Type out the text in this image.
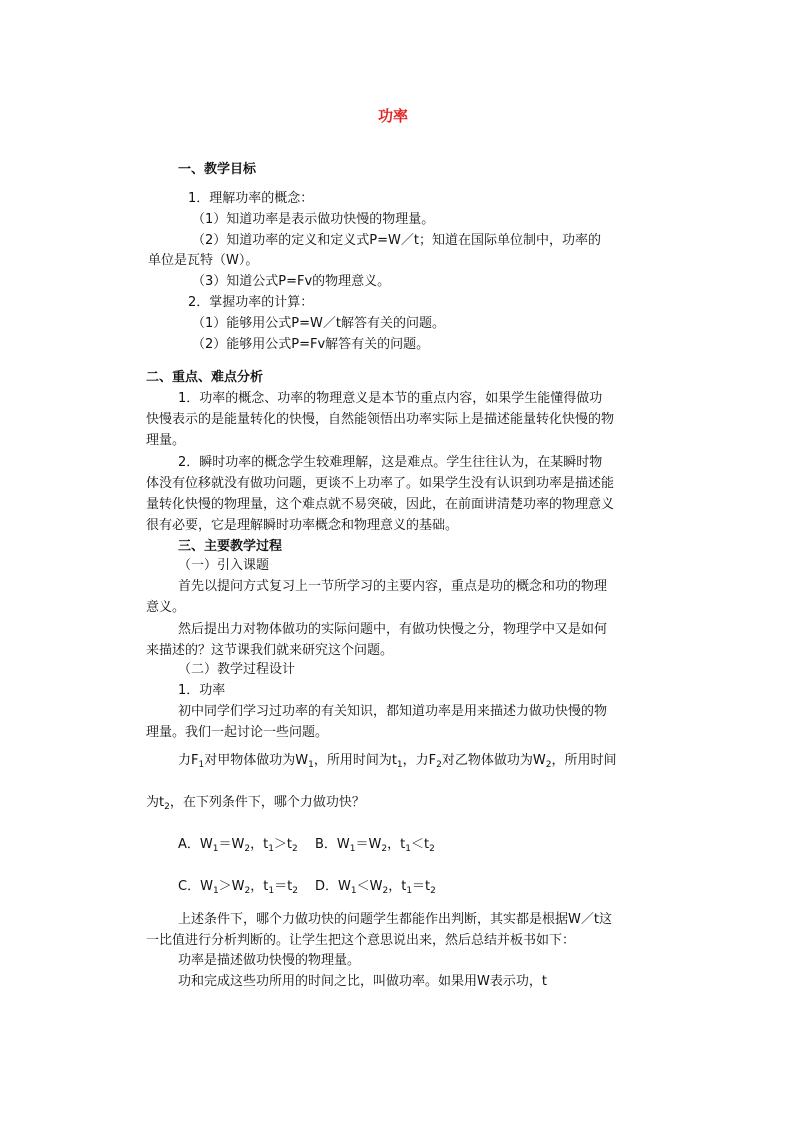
功率
一、教学目标
1．理解功率的概念：
（1）知道功率是表示做功快慢的物理量。
（2）知道功率的定义和定义式P=W／t；知道在国际单位制中，功率的
单位是瓦特（W）。
（3）知道公式P=Fv的物理意义。
2．掌握功率的计算：
（1）能够用公式P=W／t解答有关的问题。
（2）能够用公式P=Fv解答有关的问题。
二、重点、难点分析
1．功率的概念、功率的物理意义是本节的重点内容，如果学生能懂得做功
快慢表示的是能量转化的快慢，自然能领悟出功率实际上是描述能量转化快慢的物
理量。
2．瞬时功率的概念学生较难理解，这是难点。学生往往认为，在某瞬时物
体没有位移就没有做功问题，更谈不上功率了。如果学生没有认识到功率是描述能
量转化快慢的物理量，这个难点就不易突破，因此，在前面讲清楚功率的物理意义
很有必要，它是理解瞬时功率概念和物理意义的基础。
三、主要教学过程
（一）引入课题
首先以提问方式复习上一节所学习的主要内容，重点是功的概念和功的物理
意义。
然后提出力对物体做功的实际问题中，有做功快慢之分，物理学中又是如何
来描述的？这节课我们就来研究这个问题。
（二）教学过程设计
1．功率
初中同学们学习过功率的有关知识，都知道功率是用来描述力做功快慢的物
理量。我们一起讨论一些问题。
力$F_1$对甲物体做功为$W_1$，所用时间为$t_1$，力$F_2$对乙物体做功为$W_2$，所用时间
为$t_2$，在下列条件下，哪个力做功快？
A．$W_1=W_2$，$t_1>t_2$ B．$W_1=W_2$，$t_1<t_2$
C．$W_1>W_2$，$t_1=t_2$ D．$W_1<W_2$，$t_1=t_2$
上述条件下，哪个力做功快的问题学生都能作出判断，其实都是根据W／t这
一比值进行分析判断的。让学生把这个意思说出来，然后总结并板书如下：
功率是描述做功快慢的物理量。
功和完成这些功所用的时间之比，叫做功率。如果用W表示功，t
